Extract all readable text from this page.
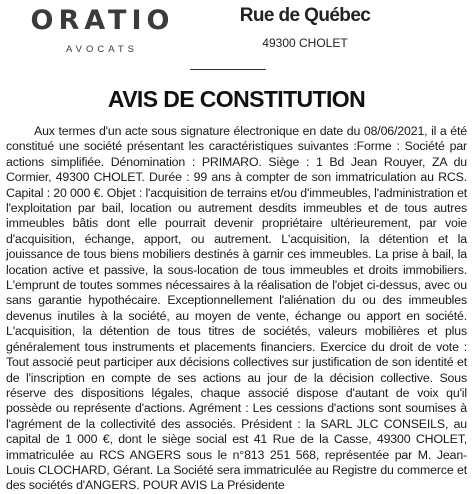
ORATIO
AVOCATS
Rue de Québec
49300 CHOLET
AVIS DE CONSTITUTION

Aux termes d'un acte sous signature électronique en date du 08/06/2021, il a été constitué une société présentant les caractéristiques suivantes :Forme : Société par actions simplifiée. Dénomination : PRIMARO. Siège : 1 Bd Jean Rouyer, ZA du Cormier, 49300 CHOLET. Durée : 99 ans à compter de son immatriculation au RCS. Capital : 20 000 €. Objet : l'acquisition de terrains et/ou d'immeubles, l'administration et l'exploitation par bail, location ou autrement desdits immeubles et de tous autres immeubles bâtis dont elle pourrait devenir propriétaire ultérieurement, par voie d'acquisition, échange, apport, ou autrement. L'acquisition, la détention et la jouissance de tous biens mobiliers destinés à garnir ces immeubles. La prise à bail, la location active et passive, la sous-location de tous immeubles et droits immobiliers. L'emprunt de toutes sommes nécessaires à la réalisation de l'objet ci-dessus, avec ou sans garantie hypothécaire. Exceptionnellement l'aliénation du ou des immeubles devenus inutiles à la société, au moyen de vente, échange ou apport en société. L'acquisition, la détention de tous titres de sociétés, valeurs mobilières et plus généralement tous instruments et placements financiers. Exercice du droit de vote : Tout associé peut participer aux décisions collectives sur justification de son identité et de l'inscription en compte de ses actions au jour de la décision collective. Sous réserve des dispositions légales, chaque associé dispose d'autant de voix qu'il possède ou représente d'actions. Agrément : Les cessions d'actions sont soumises à l'agrément de la collectivité des associés. Président : la SARL JLC CONSEILS, au capital de 1 000 €, dont le siège social est 41 Rue de la Casse, 49300 CHOLET, immatriculée au RCS ANGERS sous le n°813 251 568, représentée par M. Jean-Louis CLOCHARD, Gérant. La Société sera immatriculée au Registre du commerce et des sociétés d'ANGERS. POUR AVIS La Présidente
